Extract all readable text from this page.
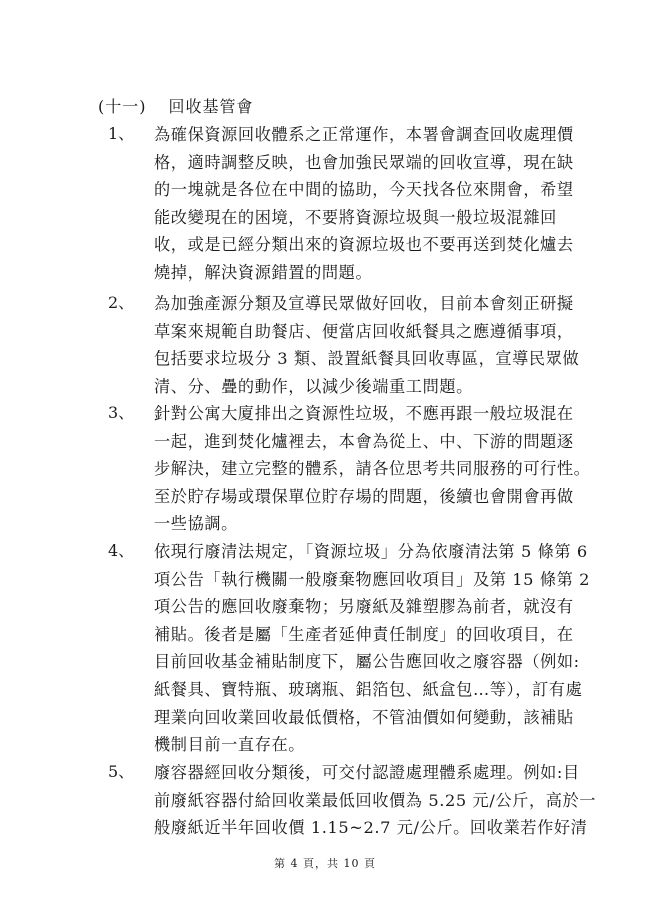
(十一) 回收基管會
1、 為確保資源回收體系之正常運作，本署會調查回收處理價
格，適時調整反映，也會加強民眾端的回收宣導，現在缺
的一塊就是各位在中間的協助，今天找各位來開會，希望
能改變現在的困境，不要將資源垃圾與一般垃圾混雜回
收，或是已經分類出來的資源垃圾也不要再送到焚化爐去
燒掉，解決資源錯置的問題。
2、 為加強產源分類及宣導民眾做好回收，目前本會刻正研擬
草案來規範自助餐店、便當店回收紙餐具之應遵循事項，
包括要求垃圾分 3 類、設置紙餐具回收專區，宣導民眾做
清、分、疊的動作，以減少後端重工問題。
3、 針對公寓大廈排出之資源性垃圾，不應再跟一般垃圾混在
一起，進到焚化爐裡去，本會為從上、中、下游的問題逐
步解決，建立完整的體系，請各位思考共同服務的可行性。
至於貯存場或環保單位貯存場的問題，後續也會開會再做
一些協調。
4、 依現行廢清法規定，「資源垃圾」分為依廢清法第 5 條第 6
項公告「執行機關一般廢棄物應回收項目」及第 15 條第 2
項公告的應回收廢棄物；另廢紙及雜塑膠為前者，就沒有
補貼。後者是屬「生產者延伸責任制度」的回收項目，在
目前回收基金補貼制度下，屬公告應回收之廢容器（例如:
紙餐具、寶特瓶、玻璃瓶、鋁箔包、紙盒包…等），訂有處
理業向回收業回收最低價格，不管油價如何變動，該補貼
機制目前一直存在。
5、 廢容器經回收分類後，可交付認證處理體系處理。例如:目
前廢紙容器付給回收業最低回收價為 5.25 元/公斤，高於一
般廢紙近半年回收價 1.15~2.7 元/公斤。回收業若作好清
第 4 頁，共 10 頁
